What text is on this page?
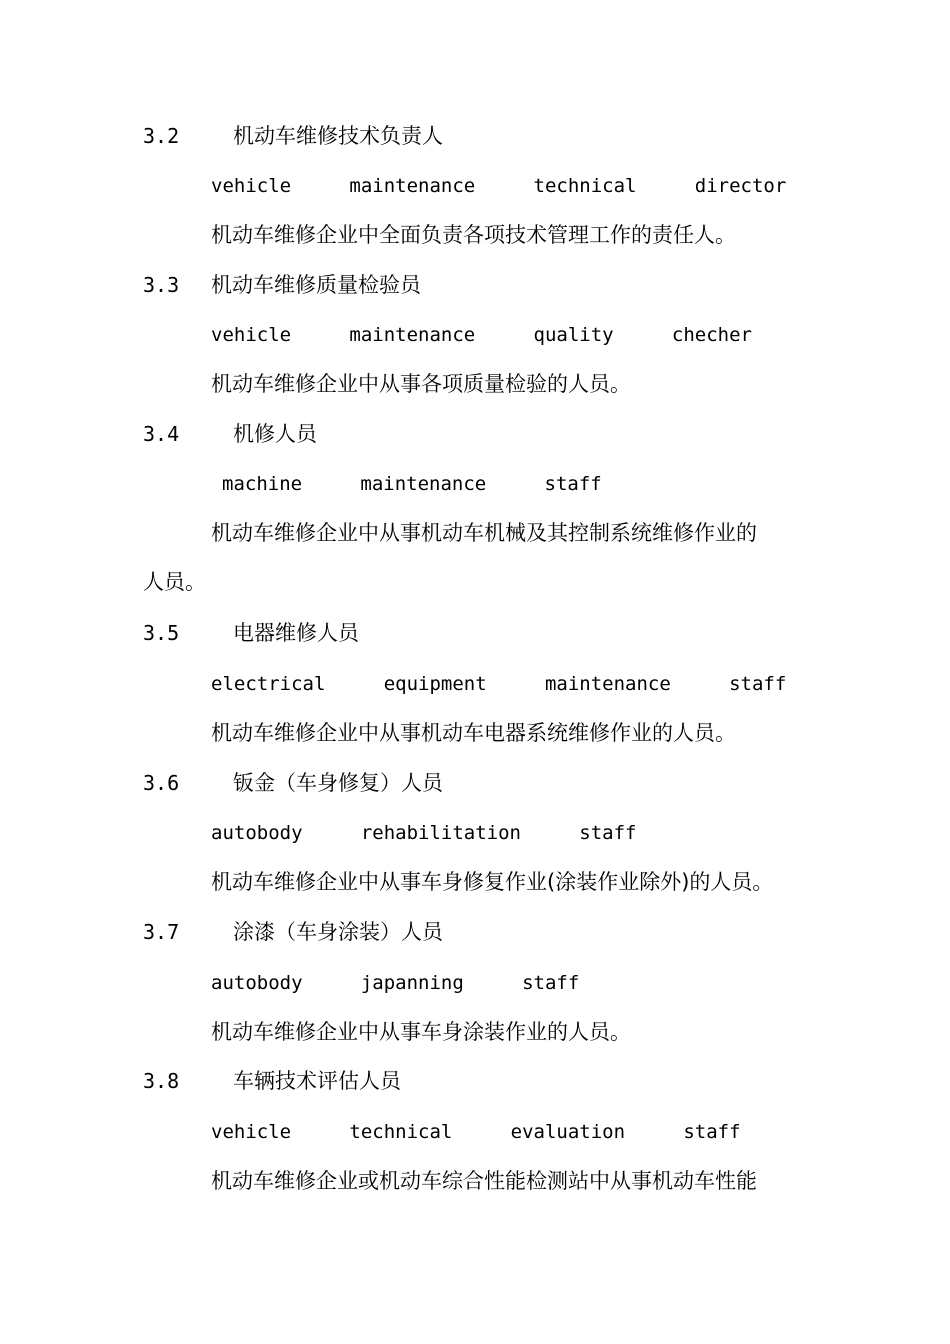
3.2	机动车维修技术负责人
vehicle   maintenance   technical   director
机动车维修企业中全面负责各项技术管理工作的责任人。
3.3 机动车维修质量检验员
vehicle   maintenance   quality   checher
机动车维修企业中从事各项质量检验的人员。
3.4	机修人员
machine   maintenance   staff
机动车维修企业中从事机动车机械及其控制系统维修作业的
人员。
3.5	电器维修人员
electrical   equipment   maintenance   staff
机动车维修企业中从事机动车电器系统维修作业的人员。
3.6	钣金（车身修复）人员
autobody   rehabilitation   staff
机动车维修企业中从事车身修复作业(涂装作业除外)的人员。
3.7	涂漆（车身涂装）人员
autobody   japanning   staff
机动车维修企业中从事车身涂装作业的人员。
3.8	车辆技术评估人员
vehicle   technical   evaluation   staff
机动车维修企业或机动车综合性能检测站中从事机动车性能
